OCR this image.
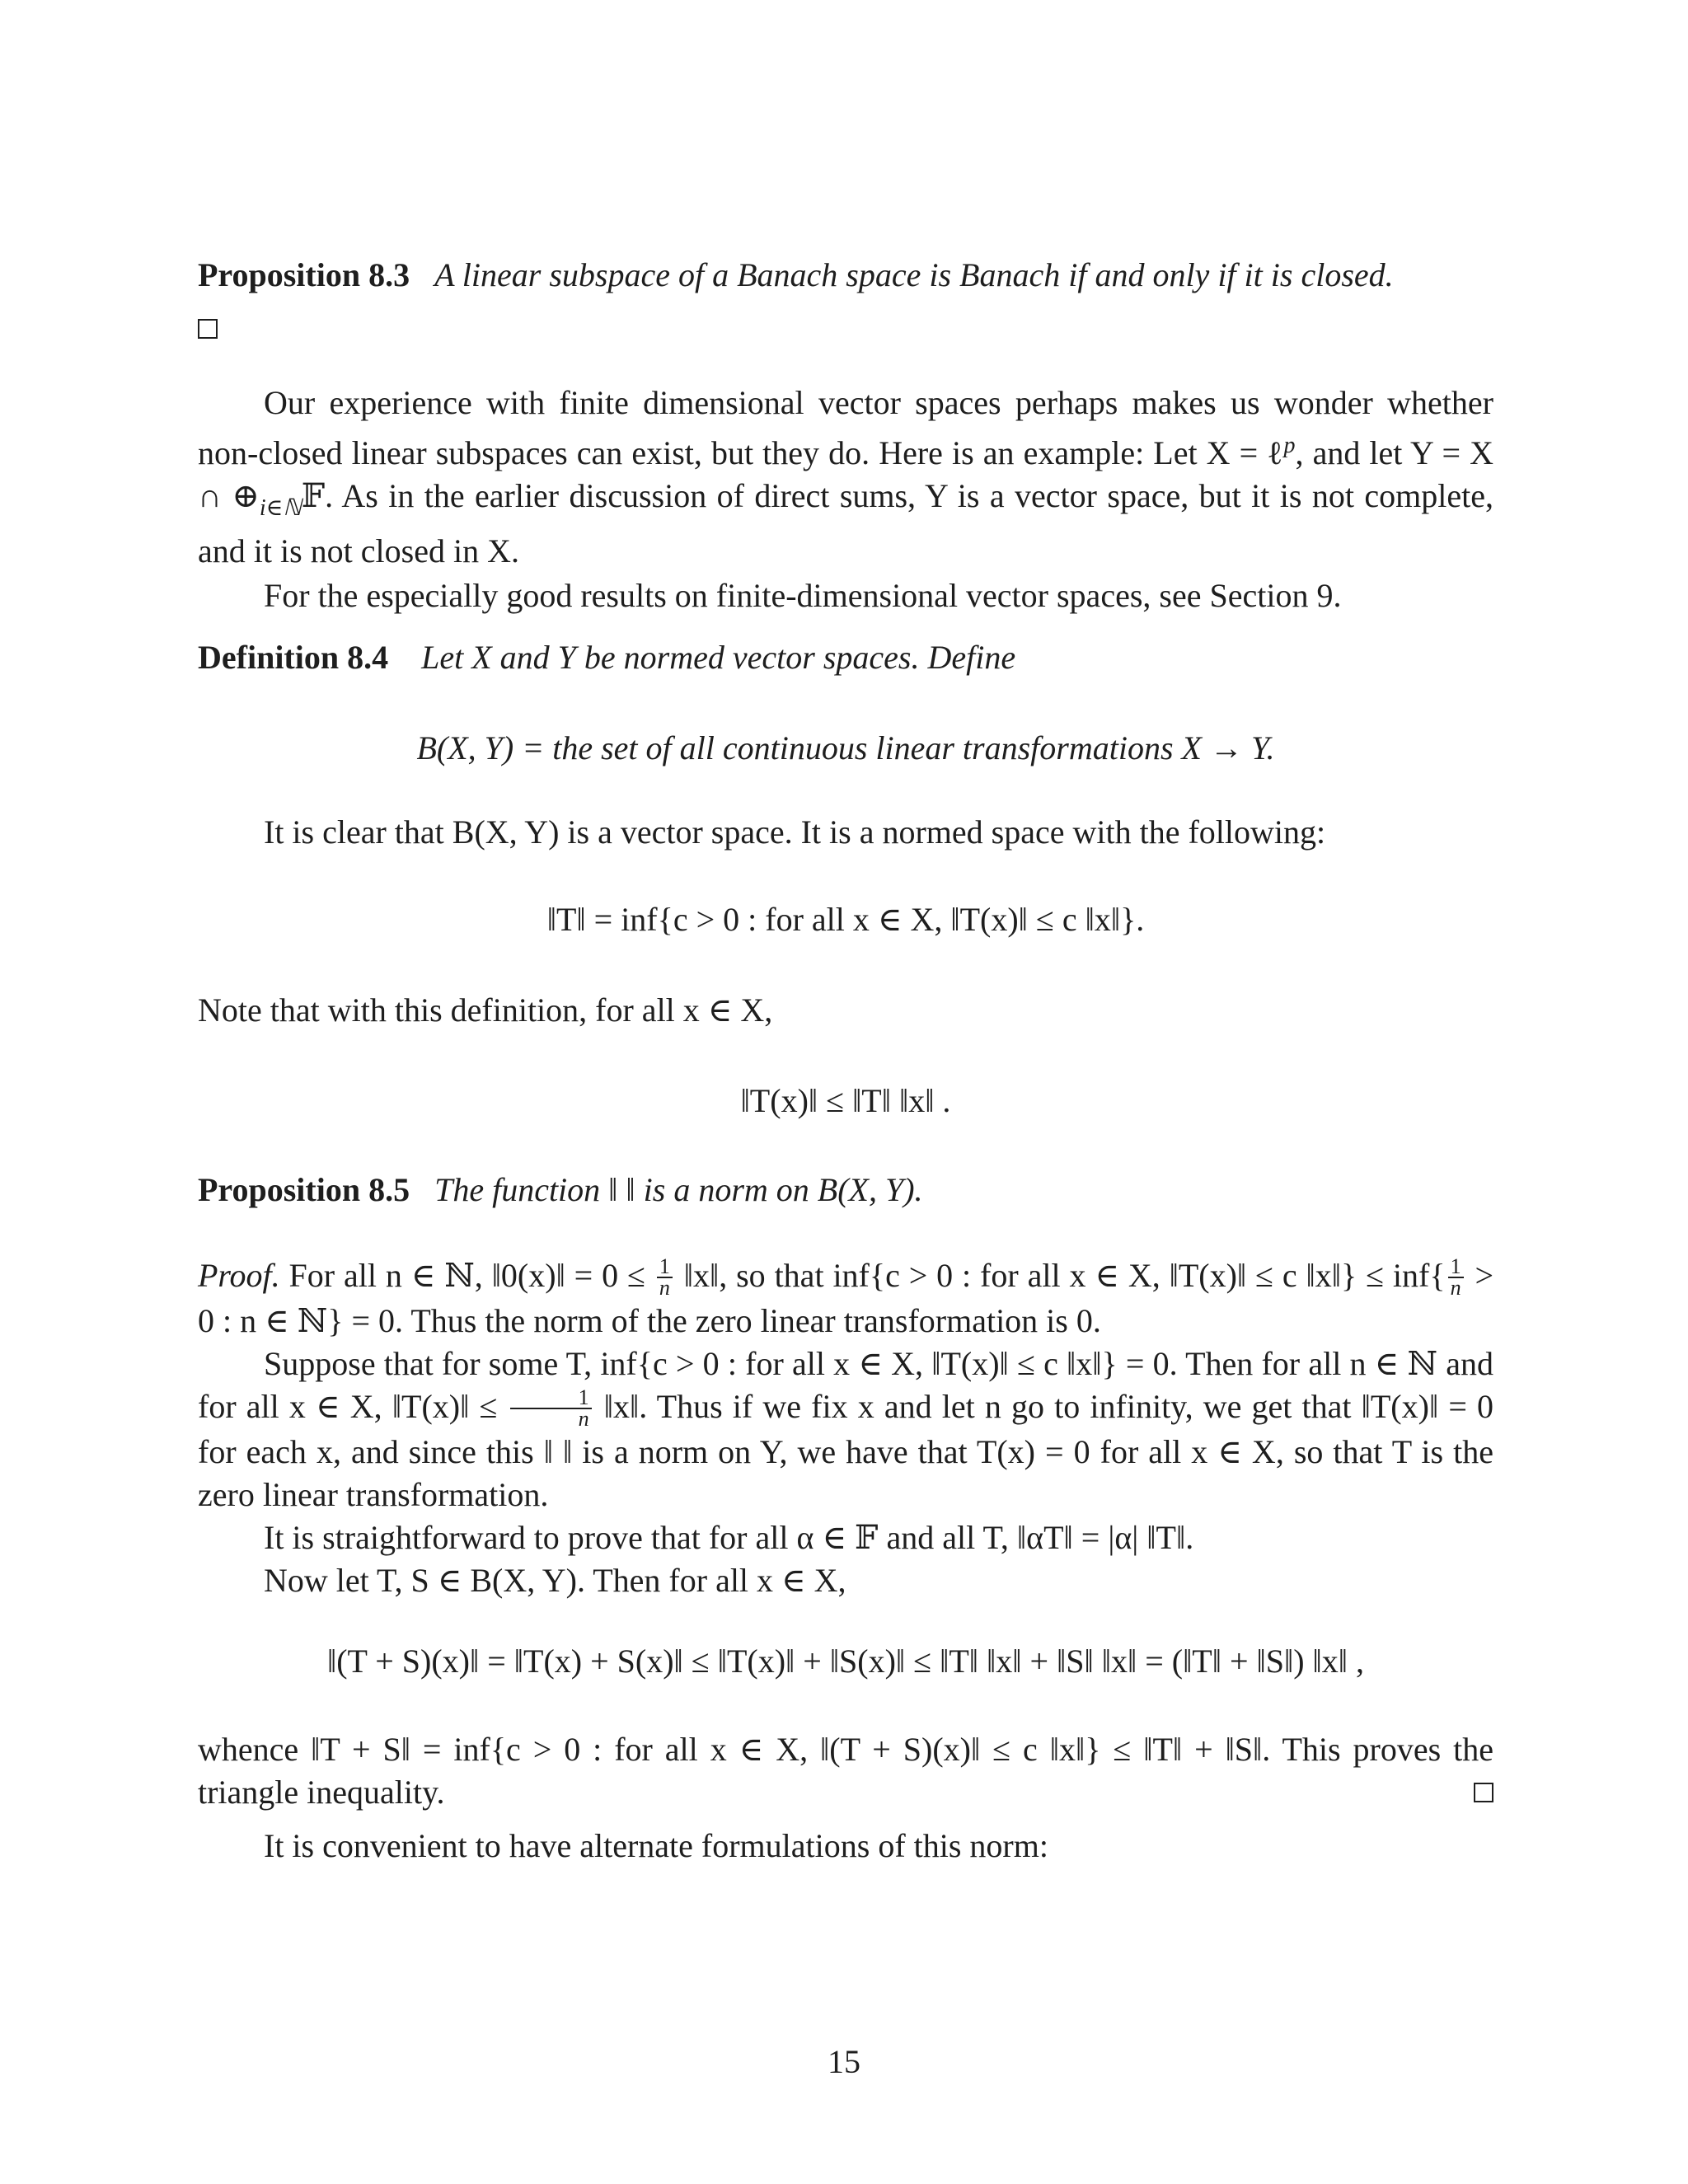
Proposition 8.3 A linear subspace of a Banach space is Banach if and only if it is closed.

Our experience with finite dimensional vector spaces perhaps makes us wonder whether non-closed linear subspaces can exist, but they do. Here is an example: Let X = ℓ$^p$, and let Y = X ∩ $\oplus_{i\in ℕ}𝔽$. As in the earlier discussion of direct sums, Y is a vector space, but it is not complete, and it is not closed in X.

For the especially good results on finite-dimensional vector spaces, see Section 9.

Definition 8.4 Let X and Y be normed vector spaces. Define

B(X, Y) = the set of all continuous linear transformations X → Y.

It is clear that B(X, Y) is a vector space. It is a normed space with the following:

‖T‖ = inf{c > 0 : for all x ∈ X, ‖T(x)‖ ≤ c ‖x‖}.

Note that with this definition, for all x ∈ X,

‖T(x)‖ ≤ ‖T‖ ‖x‖ .

Proposition 8.5 The function ‖ ‖ is a norm on B(X, Y).

Proof. For all n ∈ ℕ, ‖0(x)‖ = $0 \le \frac{1}{n}$ ‖x‖, so that inf{c > 0 : for all x ∈ X, ‖T(x)‖ ≤ c ‖x‖} ≤ $inf\{ \frac{1}{n} > 0$ : n ∈ ℕ} = 0. Thus the norm of the zero linear transformation is 0.

Suppose that for some T, inf{c > 0 : for all x ∈ X, ‖T(x)‖ ≤ c ‖x‖} = 0. Then for all n ∈ ℕ and for all x ∈ X, ‖T(x)‖ ≤ $\frac{1}{n}$ ‖x‖. Thus if we fix x and let n go to infinity, we get that ‖T(x)‖ = 0 for each x, and since this ‖ ‖ is a norm on Y, we have that T(x) = 0 for all x ∈ X, so that T is the zero linear transformation.

It is straightforward to prove that for all α ∈ 𝔽 and all T, ‖αT‖ = |α| ‖T‖.

Now let T, S ∈ B(X, Y). Then for all x ∈ X,

‖(T + S)(x)‖ = ‖T(x) + S(x)‖ ≤ ‖T(x)‖ + ‖S(x)‖ ≤ ‖T‖ ‖x‖ + ‖S‖ ‖x‖ = (‖T‖ + ‖S‖) ‖x‖ ,

whence ‖T + S‖ = inf{c > 0 : for all x ∈ X, ‖(T + S)(x)‖ ≤ c ‖x‖} ≤ ‖T‖ + ‖S‖. This proves the triangle inequality.

It is convenient to have alternate formulations of this norm:

15
